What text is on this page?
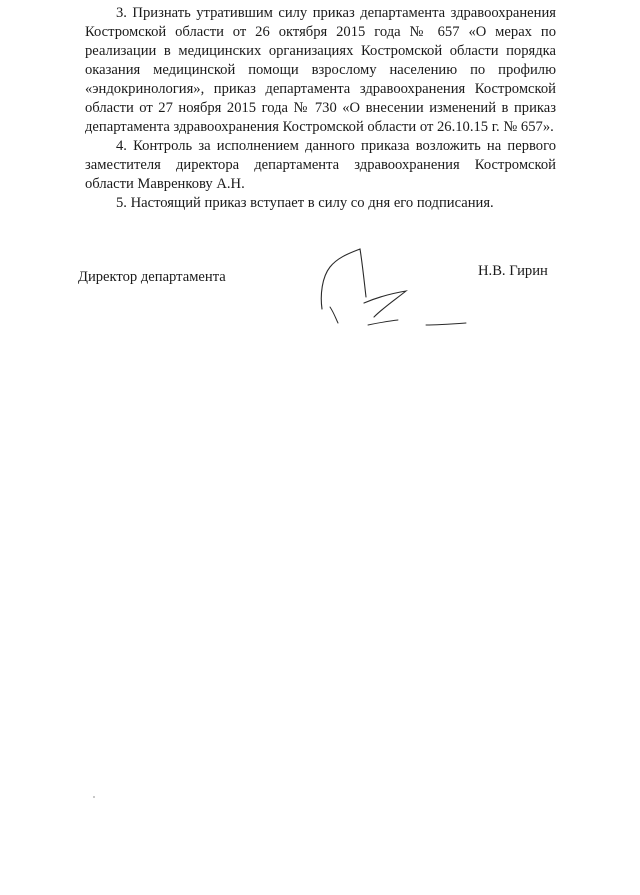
3. Признать утратившим силу приказ департамента здравоохранения Костромской области от 26 октября 2015 года № 657 «О мерах по реализации в медицинских организациях Костромской области порядка оказания медицинской помощи взрослому населению по профилю «эндокринология», приказ департамента здравоохранения Костромской области от 27 ноября 2015 года № 730 «О внесении изменений в приказ департамента здравоохранения Костромской области от 26.10.15 г. № 657».

4. Контроль за исполнением данного приказа возложить на первого заместителя директора департамента здравоохранения Костромской области Мавренкову А.Н.

5. Настоящий приказ вступает в силу со дня его подписания.

Директор департамента	Н.В. Гирин
